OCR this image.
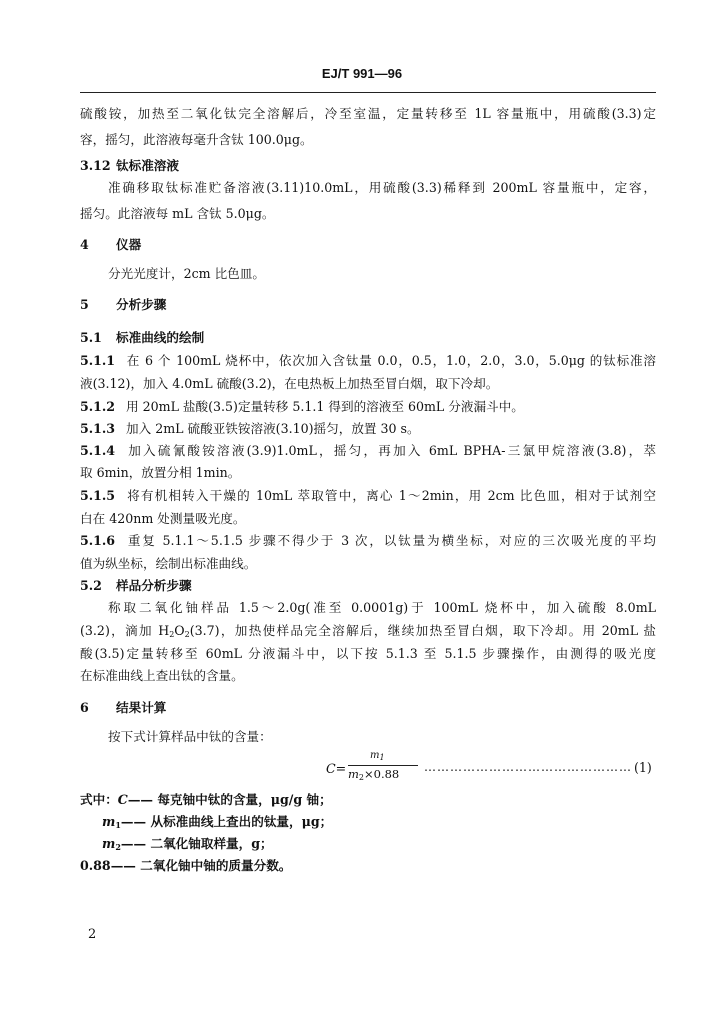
EJ/T 991—96
硫酸铵，加热至二氧化钛完全溶解后，冷至室温，定量转移至 1L 容量瓶中，用硫酸(3.3)定
容，摇匀，此溶液每毫升含钛 100.0μg。
3.12 钛标准溶液
准确移取钛标准贮备溶液(3.11)10.0mL，用硫酸(3.3)稀释到 200mL 容量瓶中，定容，
摇匀。此溶液每 mL 含钛 5.0μg。
4 仪器
分光光度计，2cm 比色皿。
5 分析步骤
5.1 标准曲线的绘制
5.1.1 在 6 个 100mL 烧杯中，依次加入含钛量 0.0，0.5，1.0，2.0，3.0，5.0μg 的钛标准溶
液(3.12)，加入 4.0mL 硫酸(3.2)，在电热板上加热至冒白烟，取下冷却。
5.1.2 用 20mL 盐酸(3.5)定量转移 5.1.1 得到的溶液至 60mL 分液漏斗中。
5.1.3 加入 2mL 硫酸亚铁铵溶液(3.10)摇匀，放置 30 s。
5.1.4 加入硫氰酸铵溶液(3.9)1.0mL，摇匀，再加入 6mL BPHA-三氯甲烷溶液(3.8)，萃
取 6min，放置分相 1min。
5.1.5 将有机相转入干燥的 10mL 萃取管中，离心 1～2min，用 2cm 比色皿，相对于试剂空
白在 420nm 处测量吸光度。
5.1.6 重复 5.1.1～5.1.5 步骤不得少于 3 次，以钛量为横坐标，对应的三次吸光度的平均
值为纵坐标，绘制出标准曲线。
5.2 样品分析步骤
称取二氧化铀样品 1.5～2.0g(准至 0.0001g)于 100mL 烧杯中，加入硫酸 8.0mL
(3.2)，滴加 $H_2O_2(3.7)$，加热使样品完全溶解后，继续加热至冒白烟，取下冷却。用 20mL 盐
酸(3.5)定量转移至 60mL 分液漏斗中，以下按 5.1.3 至 5.1.5 步骤操作，由测得的吸光度
在标准曲线上查出钛的含量。
6 结果计算
按下式计算样品中钛的含量：
C=
$m_1$
$m_2\times 0.88$ ………………………………………… (1)
式中：C—— 每克铀中钛的含量，μg/g 铀；
$m_1——$ 从标准曲线上查出的钛量，μg；
$m_2——$ 二氧化铀取样量，g；
0.88—— 二氧化铀中铀的质量分数。
2
